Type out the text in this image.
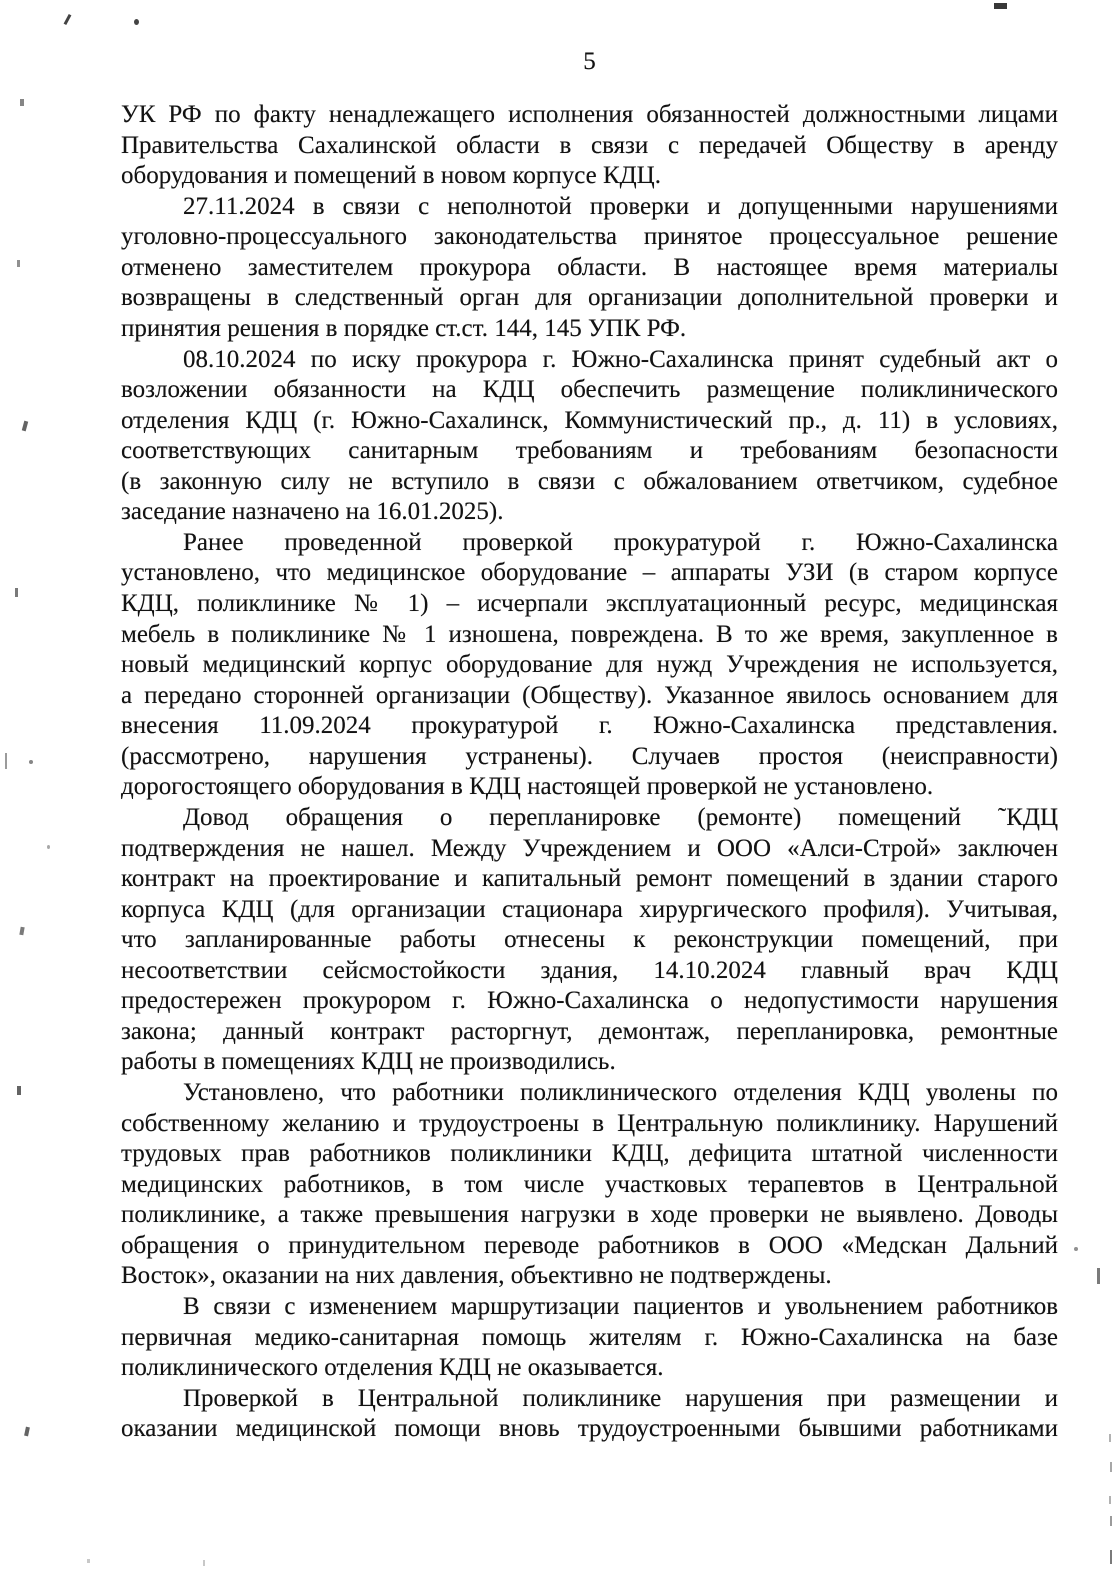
5
УК РФ по факту ненадлежащего исполнения обязанностей должностными лицами
Правительства Сахалинской области в связи с передачей Обществу в аренду
оборудования и помещений в новом корпусе КДЦ.
27.11.2024 в связи с неполнотой проверки и допущенными нарушениями
уголовно-процессуального законодательства принятое процессуальное решение
отменено заместителем прокурора области. В настоящее время материалы
возвращены в следственный орган для организации дополнительной проверки и
принятия решения в порядке ст.ст. 144, 145 УПК РФ.
08.10.2024 по иску прокурора г. Южно-Сахалинска принят судебный акт о
возложении обязанности на КДЦ обеспечить размещение поликлинического
отделения КДЦ (г. Южно-Сахалинск, Коммунистический пр., д. 11) в условиях,
соответствующих санитарным требованиям и требованиям безопасности
(в законную силу не вступило в связи с обжалованием ответчиком, судебное
заседание назначено на 16.01.2025).
Ранее проведенной проверкой прокуратурой г. Южно-Сахалинска
установлено, что медицинское оборудование – аппараты УЗИ (в старом корпусе
КДЦ, поликлинике № 1) – исчерпали эксплуатационный ресурс, медицинская
мебель в поликлинике № 1 изношена, повреждена. В то же время, закупленное в
новый медицинский корпус оборудование для нужд Учреждения не используется,
а передано сторонней организации (Обществу). Указанное явилось основанием для
внесения 11.09.2024 прокуратурой г. Южно-Сахалинска представления.
(рассмотрено, нарушения устранены). Случаев простоя (неисправности)
дорогостоящего оборудования в КДЦ настоящей проверкой не установлено.
Довод обращения о перепланировке (ремонте) помещений ˜КДЦ
подтверждения не нашел. Между Учреждением и ООО «Алси-Строй» заключен
контракт на проектирование и капитальный ремонт помещений в здании старого
корпуса КДЦ (для организации стационара хирургического профиля). Учитывая,
что запланированные работы отнесены к реконструкции помещений, при
несоответствии сейсмостойкости здания, 14.10.2024 главный врач КДЦ
предостережен прокурором г. Южно-Сахалинска о недопустимости нарушения
закона; данный контракт расторгнут, демонтаж, перепланировка, ремонтные
работы в помещениях КДЦ не производились.
Установлено, что работники поликлинического отделения КДЦ уволены по
собственному желанию и трудоустроены в Центральную поликлинику. Нарушений
трудовых прав работников поликлиники КДЦ, дефицита штатной численности
медицинских работников, в том числе участковых терапевтов в Центральной
поликлинике, а также превышения нагрузки в ходе проверки не выявлено. Доводы
обращения о принудительном переводе работников в ООО «Медскан Дальний
Восток», оказании на них давления, объективно не подтверждены.
В связи с изменением маршрутизации пациентов и увольнением работников
первичная медико-санитарная помощь жителям г. Южно-Сахалинска на базе
поликлинического отделения КДЦ не оказывается.
Проверкой в Центральной поликлинике нарушения при размещении и
оказании медицинской помощи вновь трудоустроенными бывшими работниками
